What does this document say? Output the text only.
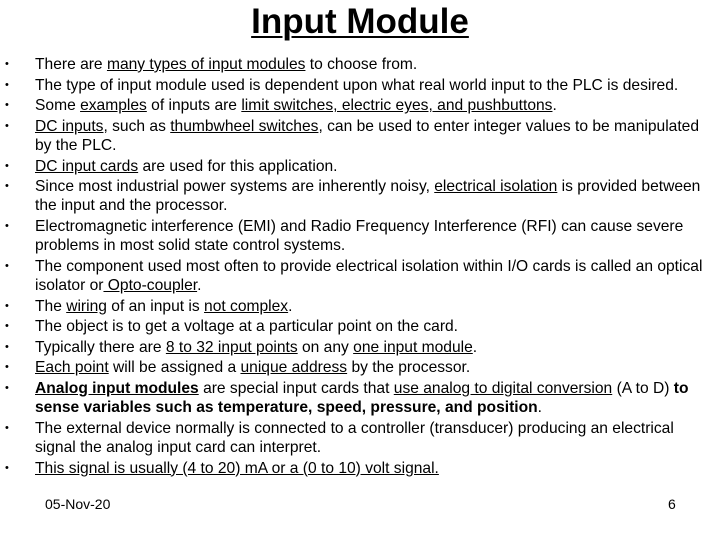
Input Module
• There are many types of input modules to choose from.
• The type of input module used is dependent upon what real world input to the PLC is desired.
• Some examples of inputs are limit switches, electric eyes, and pushbuttons.
• DC inputs, such as thumbwheel switches, can be used to enter integer values to be manipulated by the PLC.
• DC input cards are used for this application.
• Since most industrial power systems are inherently noisy, electrical isolation is provided between the input and the processor.
• Electromagnetic interference (EMI) and Radio Frequency Interference (RFI) can cause severe problems in most solid state control systems.
• The component used most often to provide electrical isolation within I/O cards is called an optical isolator or Opto-coupler.
• The wiring of an input is not complex.
• The object is to get a voltage at a particular point on the card.
• Typically there are 8 to 32 input points on any one input module.
• Each point will be assigned a unique address by the processor.
• Analog input modules are special input cards that use analog to digital conversion (A to D) to sense variables such as temperature, speed, pressure, and position.
• The external device normally is connected to a controller (transducer) producing an electrical signal the analog input card can interpret.
• This signal is usually (4 to 20) mA or a (0 to 10) volt signal.
05-Nov-20	6
